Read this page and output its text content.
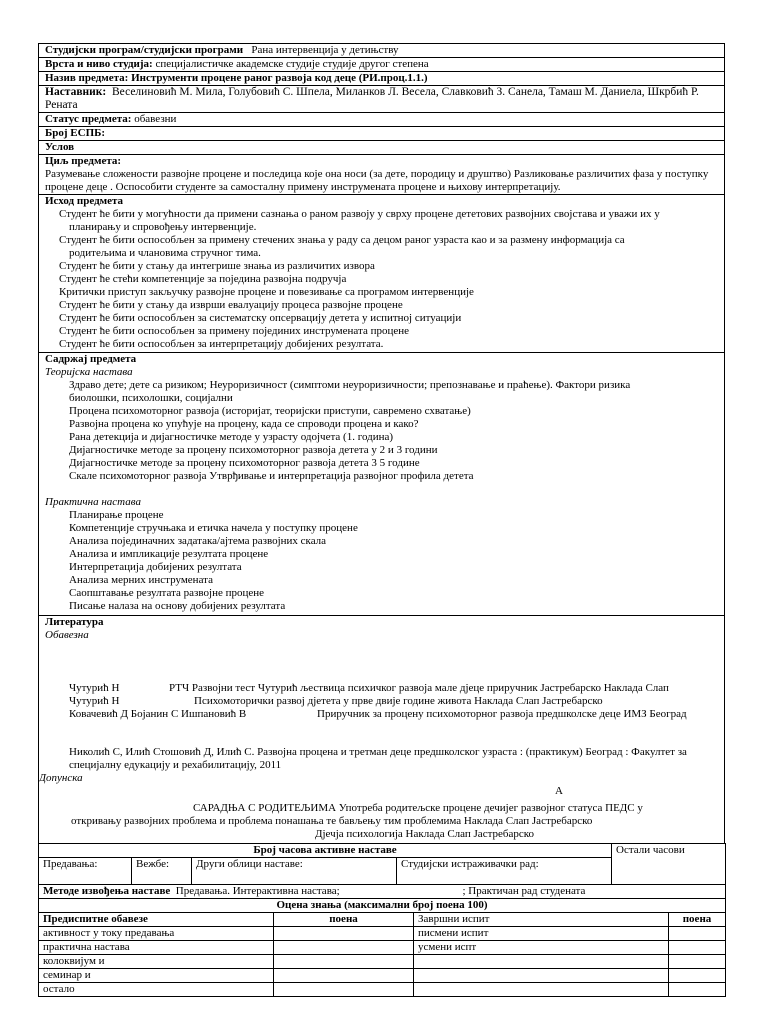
Студијски програм/студијски програми Рана интервенција у детињству
Врста и ниво студија: специјалистичке академске студије студије другог степена
Назив предмета: Инструменти процене раног развоја код деце (РИ.проц.1.1.)
Наставник: Веселиновић М. Мила, Голубовић С. Шпела, Миланков Л. Весела, Славковић З. Санела, Тамаш М. Даниела, Шкрбић Р. Рената
Статус предмета: обавезни
Број ЕСПБ:
Услов
Циљ предмета:
Разумевање сложености развојне процене и последица које она носи (за дете, породицу и друштво) Разликовање различитих фаза у поступку процене деце . Оспособити студенте за самосталну примену инструмената процене и њихову интерпретацију.
Исход предмета
Студент ће бити у могућности да примени сазнања о раном развоју у сврху процене дететових развојних својстава и уважи их у
планирању и спровођењу интервенције.
Студент ће бити оспособљен за примену стечених знања у раду са децом раног узраста као и за размену информација са
родитељима и члановима стручног тима.
Студент ће бити у стању да интегрише знања из различитих извора
Студент ће стећи компетенције за поједина развојна подручја
Критички приступ закључку развојне процене и повезивање са програмом интервенције
Студент ће бити у стању да изврши евалуацију процеса развојне процене
Студент ће бити оспособљен за систематску опсервацију детета у испитној ситуацији
Студент ће бити оспособљен за примену појединих инструмената процене
Студент ће бити оспособљен за интерпретацију добијених резултата.
Садржај предмета
Теоријска настава
Здраво дете; дете са ризиком; Неуроризичност (симптоми неуроризичности; препознавање и праћење). Фактори ризика
биолошки, психолошки, социјални
Процена психомоторног развоја (историјат, теоријски приступи, савремено схватање)
Развојна процена ко упућује на процену, када се спроводи процена и како?
Рана детекција и дијагностичке методе у узрасту одојчета (1. година)
Дијагностичке методе за процену психомоторног развоја детета у 2 и 3 години
Дијагностичке методе за процену психомоторног развоја детета 3 5 године
Скале психомоторног развоја Утврђивање и интерпретација развојног профила детета
Практична настава
Планирање процене
Компетенције стручњака и етичка начела у поступку процене
Анализа појединачних задатака/ајтема развојних скала
Анализа и импликације резултата процене
Интерпретација добијених резултата
Анализа мерних инструмената
Саопштавање резултата развојне процене
Писање налаза на основу добијених резултата
Литература
Обавезна
Чутурић Н	РТЧ Развојни тест Чутурић љествица психичког развоја мале дјеце приручник Јастребарско Наклада Слап
Чутурић Н	Психомоторички развој дјетета у прве двије године живота Наклада Слап Јастребарско
Ковачевић Д Бојанин С Ишпановић В	Приручник за процену психомоторног развоја предшколске деце ИМЗ Београд
Николић С, Илић Стошовић Д, Илић С. Развојна процена и третман деце предшколског узраста : (практикум) Београд : Факултет за специјалну едукацију и рехабилитацију, 2011
Допунска
А
САРАДЊА С РОДИТЕЉИМА Употреба родитељске процене дечијег развојног статуса ПЕДС у
откривању развојних проблема и проблема понашања те бављењу тим проблемима Наклада Слап Јастребарско
Дјечја психологија Наклада Слап Јастребарско
Број часова активне наставе				Остали часови
Предавања:	Вежбе:	Други облици наставе:	Студијски истраживачки рад:	
Методе извођења наставе Предавања. Интерактивна настава; ; Практичан рад студената				
Оцена знања (максимални број поена 100)			
Предиспитне обавезе	поена	Завршни испит	поена
активност у току предавања		писмени испит	
практична настава		усмени испт	
колоквијум и			
семинар и			
остало			
